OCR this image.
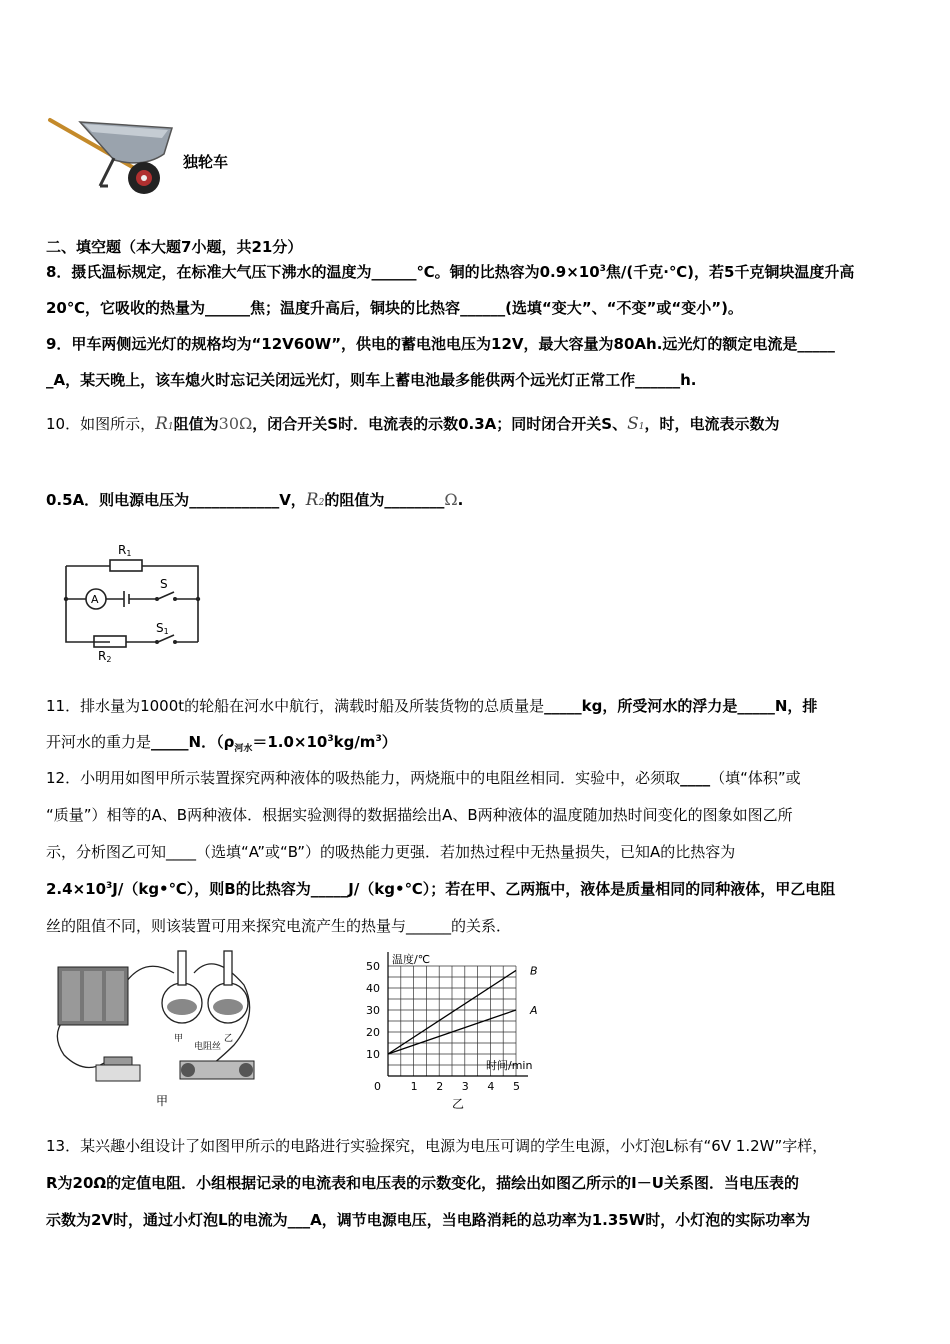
独轮车
二、填空题（本大题7小题，共21分）
8．摄氏温标规定，在标准大气压下沸水的温度为______℃。铜的比热容为$0.9\times 10^3$焦/(千克·℃)，若5千克铜块温度升高
20℃，它吸收的热量为______焦；温度升高后，铜块的比热容______(选填“变大”、“不变”或“变小”)。
9．甲车两侧远光灯的规格均为“12V60W”，供电的蓄电池电压为12V，最大容量为80Ah.远光灯的额定电流是_____
_A，某天晚上，该车熄火时忘记关闭远光灯，则车上蓄电池最多能供两个远光灯正常工作______h.
10．如图所示，R1阻值为30Ω，闭合开关S时．电流表的示数0.3A；同时闭合开关S、S1，时，电流表示数为
0.5A．则电源电压为____________V，R2的阻值为________Ω.
R1
A
S
S1
R2
11．排水量为1000t的轮船在河水中航行，满载时船及所装货物的总质量是_____kg，所受河水的浮力是_____N，排
开河水的重力是_____N．$(\rho_{河水}=1.0\times 10^3kg/m^3)$
12．小明用如图甲所示装置探究两种液体的吸热能力，两烧瓶中的电阻丝相同．实验中，必须取____（填“体积”或
“质量”）相等的A、B两种液体．根据实验测得的数据描绘出A、B两种液体的温度随加热时间变化的图象如图乙所
示，分析图乙可知____（选填“A”或“B”）的吸热能力更强．若加热过程中无热量损失，已知A的比热容为
$2.4\times 10^3J/(kg•℃)$，则B的比热容为_____J/（kg•℃）；若在甲、乙两瓶中，液体是质量相同的同种液体，甲乙电阻
丝的阻值不同，则该装置可用来探究电流产生的热量与______的关系．
甲	乙
电阻丝
甲
0	1 2 3 4 5
10
20
30
40
50
温度/℃
时间/min
B
A
乙
13．某兴趣小组设计了如图甲所示的电路进行实验探究，电源为电压可调的学生电源，小灯泡L标有“6V 1.2W”字样，
R为20Ω的定值电阻．小组根据记录的电流表和电压表的示数变化，描绘出如图乙所示的I－U关系图．当电压表的
示数为2V时，通过小灯泡L的电流为___A，调节电源电压，当电路消耗的总功率为1.35W时，小灯泡的实际功率为
